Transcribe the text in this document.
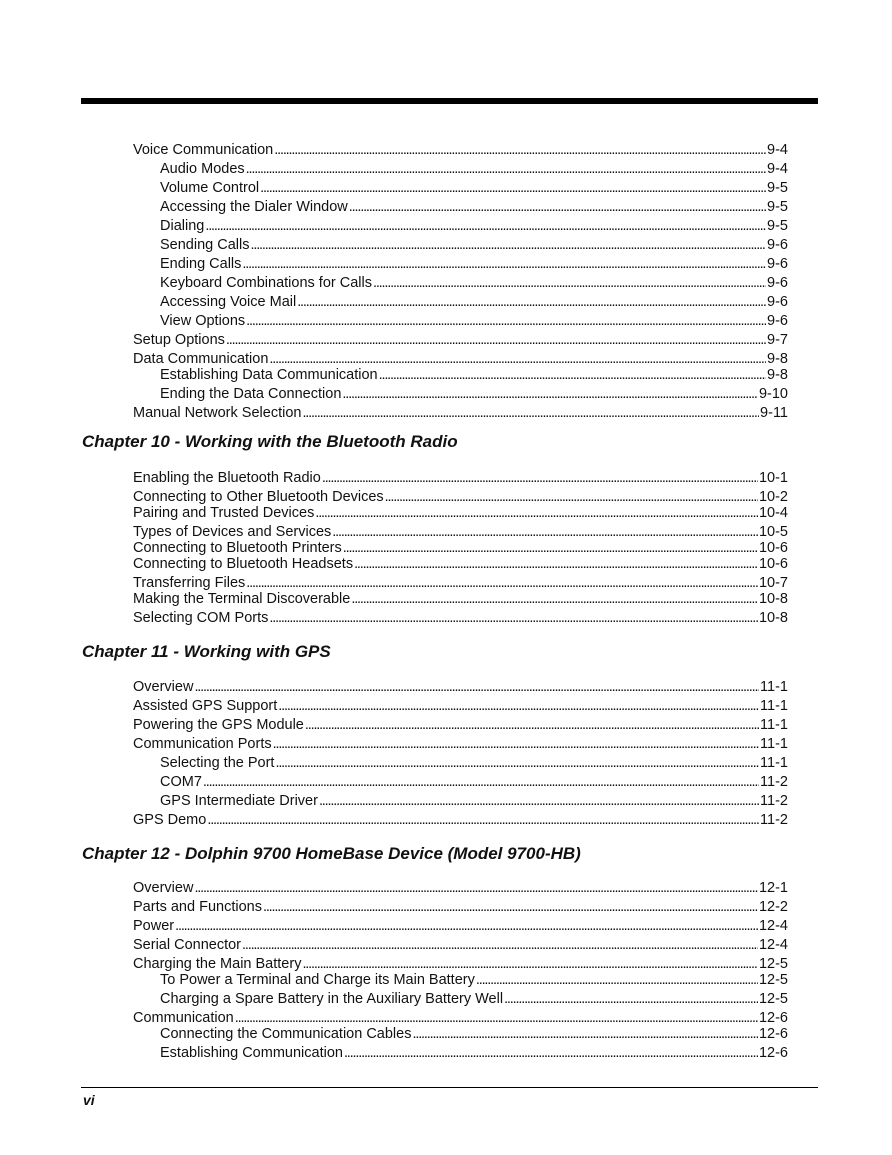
Voice Communication . . .	9-4
Audio Modes . . .	9-4
Volume Control . . .	9-5
Accessing the Dialer Window . . .	9-5
Dialing . . .	9-5
Sending Calls . . .	9-6
Ending Calls . . .	9-6
Keyboard Combinations for Calls . . .	9-6
Accessing Voice Mail . . .	9-6
View Options . . .	9-6
Setup Options . . .	9-7
Data Communication . . .	9-8
Establishing Data Communication . . .	9-8
Ending the Data Connection . . .	9-10
Manual Network Selection . . .	9-11
Chapter 10 - Working with the Bluetooth Radio
Enabling the Bluetooth Radio . . .	10-1
Connecting to Other Bluetooth Devices . . .	10-2
Pairing and Trusted Devices . . .	10-4
Types of Devices and Services . . .	10-5
Connecting to Bluetooth Printers . . .	10-6
Connecting to Bluetooth Headsets . . .	10-6
Transferring Files . . .	10-7
Making the Terminal Discoverable . . .	10-8
Selecting COM Ports . . .	10-8
Chapter 11 - Working with GPS
Overview . . .	11-1
Assisted GPS Support . . .	11-1
Powering the GPS Module . . .	11-1
Communication Ports . . .	11-1
Selecting the Port . . .	11-1
COM7 . . .	11-2
GPS Intermediate Driver . . .	11-2
GPS Demo . . .	11-2
Chapter 12 - Dolphin 9700 HomeBase Device (Model 9700-HB)
Overview . . .	12-1
Parts and Functions . . .	12-2
Power . . .	12-4
Serial Connector . . .	12-4
Charging the Main Battery . . .	12-5
To Power a Terminal and Charge its Main Battery . . .	12-5
Charging a Spare Battery in the Auxiliary Battery Well . . .	12-5
Communication . . .	12-6
Connecting the Communication Cables . . .	12-6
Establishing Communication . . .	12-6
vi
